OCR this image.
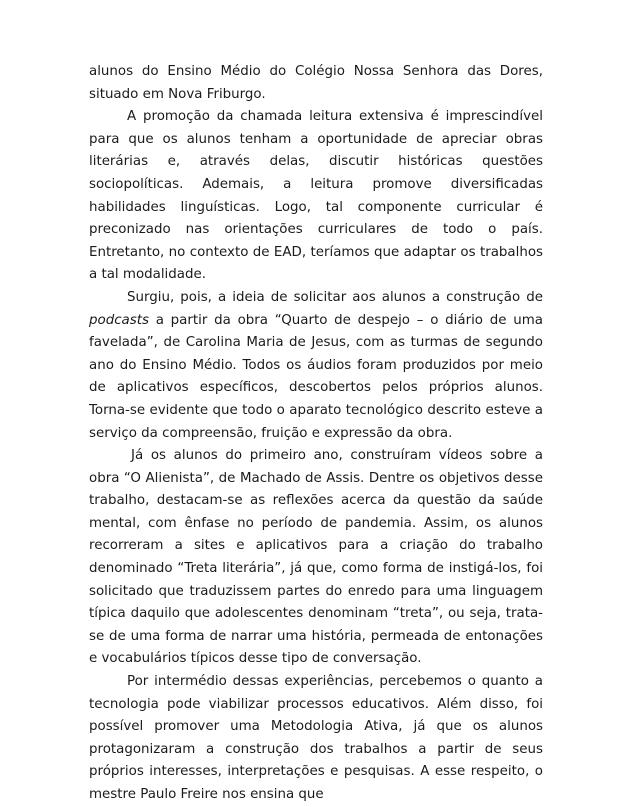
alunos do Ensino Médio do Colégio Nossa Senhora das Dores, situado em Nova Friburgo.

A promoção da chamada leitura extensiva é imprescindível para que os alunos tenham a oportunidade de apreciar obras literárias e, através delas, discutir históricas questões sociopolíticas. Ademais, a leitura promove diversificadas habilidades linguísticas. Logo, tal componente curricular é preconizado nas orientações curriculares de todo o país. Entretanto, no contexto de EAD, teríamos que adaptar os trabalhos a tal modalidade.

Surgiu, pois, a ideia de solicitar aos alunos a construção de podcasts a partir da obra “Quarto de despejo – o diário de uma favelada”, de Carolina Maria de Jesus, com as turmas de segundo ano do Ensino Médio. Todos os áudios foram produzidos por meio de aplicativos específicos, descobertos pelos próprios alunos. Torna-se evidente que todo o aparato tecnológico descrito esteve a serviço da compreensão, fruição e expressão da obra.

Já os alunos do primeiro ano, construíram vídeos sobre a obra “O Alienista”, de Machado de Assis. Dentre os objetivos desse trabalho, destacam-se as reflexões acerca da questão da saúde mental, com ênfase no período de pandemia. Assim, os alunos recorreram a sites e aplicativos para a criação do trabalho denominado “Treta literária”, já que, como forma de instigá-los, foi solicitado que traduzissem partes do enredo para uma linguagem típica daquilo que adolescentes denominam “treta”, ou seja, trata-se de uma forma de narrar uma história, permeada de entonações e vocabulários típicos desse tipo de conversação.

Por intermédio dessas experiências, percebemos o quanto a tecnologia pode viabilizar processos educativos. Além disso, foi possível promover uma Metodologia Ativa, já que os alunos protagonizaram a construção dos trabalhos a partir de seus próprios interesses, interpretações e pesquisas. A esse respeito, o mestre Paulo Freire nos ensina que
